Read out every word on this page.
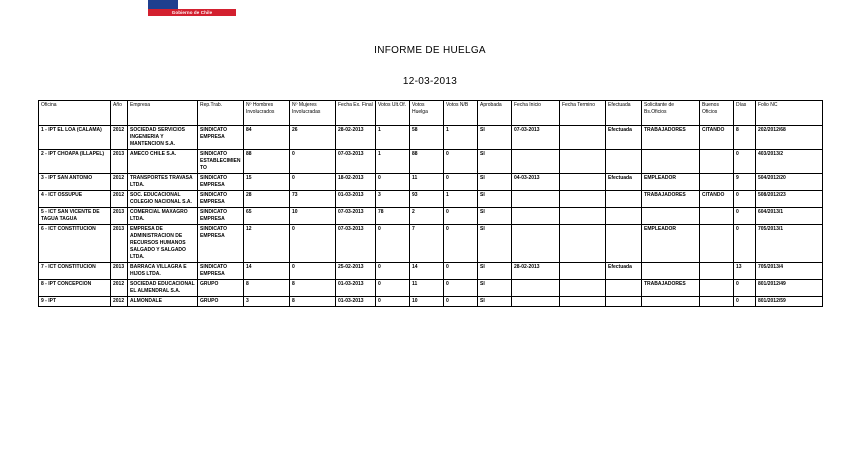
Gobierno de Chile
INFORME DE HUELGA
12-03-2013
Oficina	Año	Empresa	Rep.Trab.	Nº Hombres Involucrados	Nº Mujeres Involucradas	Fecha Ex. Final	Votos Ult.Of.	Votos Huelga	Votos N/B	Aprobada	Fecha Inicio	Fecha Termino	Efectuada	Solicitante de Bs.Oficios	Buenos Oficios	Días	Folio NC
1 - IPT EL LOA (CALAMA)	2012	SOCIEDAD SERVICIOS INGENIERIA Y MANTENCION S.A.	SINDICATO EMPRESA	84	26	28-02-2013	1	58	1	SI	07-03-2013		Efectuada	TRABAJADORES	CITANDO	8	202/2012/68
2 - IPT CHOAPA (ILLAPEL)	2013	AMECO CHILE S.A.	SINDICATO ESTABLECIMIENTO	88	0	07-03-2013	1	88	0	SI						0	403/2013/2
3 - IPT SAN ANTONIO	2012	TRANSPORTES TRAVASA LTDA.	SINDICATO EMPRESA	15	0	18-02-2013	0	11	0	SI	04-03-2013		Efectuada	EMPLEADOR		9	504/2012/20
4 - ICT OSSUPUE	2012	SOC. EDUCACIONAL COLEGIO NACIONAL S.A.	SINDICATO EMPRESA	28	73	01-03-2013	3	93	1	SI				TRABAJADORES	CITANDO	0	508/2012/23
5 - ICT SAN VICENTE DE TAGUA TAGUA	2013	COMERCIAL MAXAGRO LTDA.	SINDICATO EMPRESA	65	10	07-03-2013	78	2	0	SI						0	604/2013/1
6 - ICT CONSTITUCION	2013	EMPRESA DE ADMINISTRACION DE RECURSOS HUMANOS SALGADO Y SALGADO LTDA.	SINDICATO EMPRESA	12	0	07-03-2013	0	7	0	SI				EMPLEADOR		0	705/2013/1
7 - ICT CONSTITUCION	2013	BARRACA VILLAGRA E HIJOS LTDA.	SINDICATO EMPRESA	14	0	25-02-2013	0	14	0	SI	28-02-2013		Efectuada			13	705/2013/4
8 - IPT CONCEPCION	2012	SOCIEDAD EDUCACIONAL EL ALMENDRAL S.A.	GRUPO	8	8	01-03-2013	0	11	0	SI				TRABAJADORES		0	801/2012/49
9 - IPT	2012	ALMONDALE	GRUPO	3	8	01-03-2013	0	10	0	SI						0	801/2012/59
